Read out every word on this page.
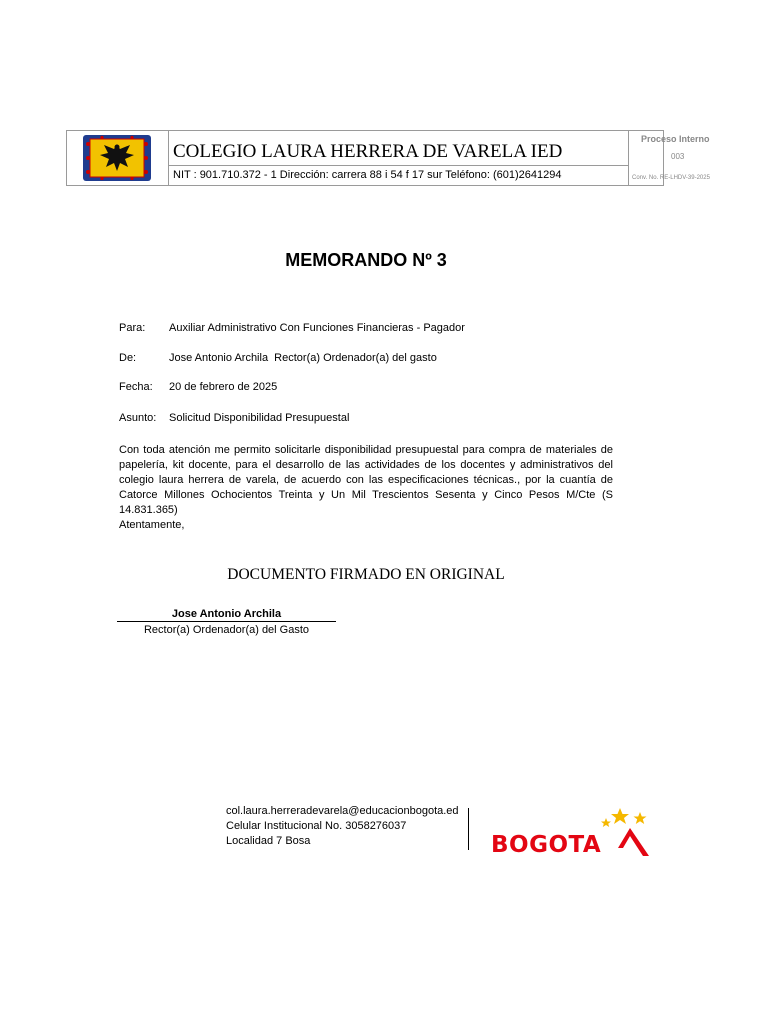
COLEGIO LAURA HERRERA DE VARELA IED
NIT : 901.710.372 - 1 Dirección: carrera 88 i 54 f 17 sur Teléfono: (601)2641294
Proceso Interno
003
Conv. No. RE-LHDV-39-2025
MEMORANDO Nº 3
Para: Auxiliar Administrativo Con Funciones Financieras - Pagador
De:	Jose Antonio Archila  Rector(a) Ordenador(a) del gasto
Fecha: 20 de febrero de 2025
Asunto: Solicitud Disponibilidad Presupuestal

Con toda atención me permito solicitarle disponibilidad presupuestal para compra de materiales de papelería, kit docente, para el desarrollo de las actividades de los docentes y administrativos del colegio laura herrera de varela, de acuerdo con las especificaciones técnicas., por la cuantía de Catorce Millones Ochocientos Treinta y Un Mil Trescientos Sesenta y Cinco Pesos M/Cte (S 14.831.365)

Atentamente,

DOCUMENTO FIRMADO EN ORIGINAL
Jose Antonio Archila
Rector(a) Ordenador(a) del Gasto
col.laura.herreradevarela@educacionbogota.ed
Celular Institucional No. 3058276037
Localidad 7 Bosa	BOGOTA
